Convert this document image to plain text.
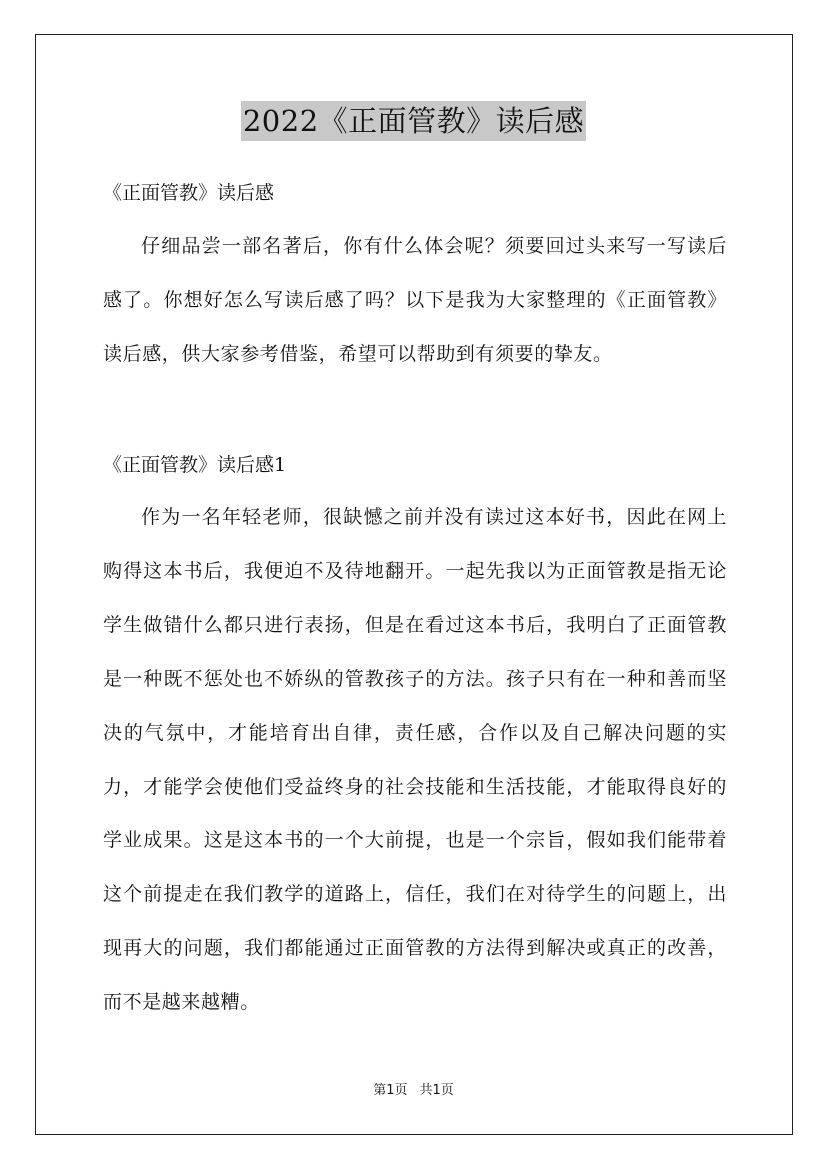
2022《正面管教》读后感
《正面管教》读后感

仔细品尝一部名著后，你有什么体会呢？须要回过头来写一写读后感了。你想好怎么写读后感了吗？以下是我为大家整理的《正面管教》读后感，供大家参考借鉴，希望可以帮助到有须要的挚友。

《正面管教》读后感1

作为一名年轻老师，很缺憾之前并没有读过这本好书，因此在网上购得这本书后，我便迫不及待地翻开。一起先我以为正面管教是指无论学生做错什么都只进行表扬，但是在看过这本书后，我明白了正面管教是一种既不惩处也不娇纵的管教孩子的方法。孩子只有在一种和善而坚决的气氛中，才能培育出自律，责任感，合作以及自己解决问题的实力，才能学会使他们受益终身的社会技能和生活技能，才能取得良好的学业成果。这是这本书的一个大前提，也是一个宗旨，假如我们能带着这个前提走在我们教学的道路上，信任，我们在对待学生的问题上，出现再大的问题，我们都能通过正面管教的方法得到解决或真正的改善，而不是越来越糟。

第1页 共1页
